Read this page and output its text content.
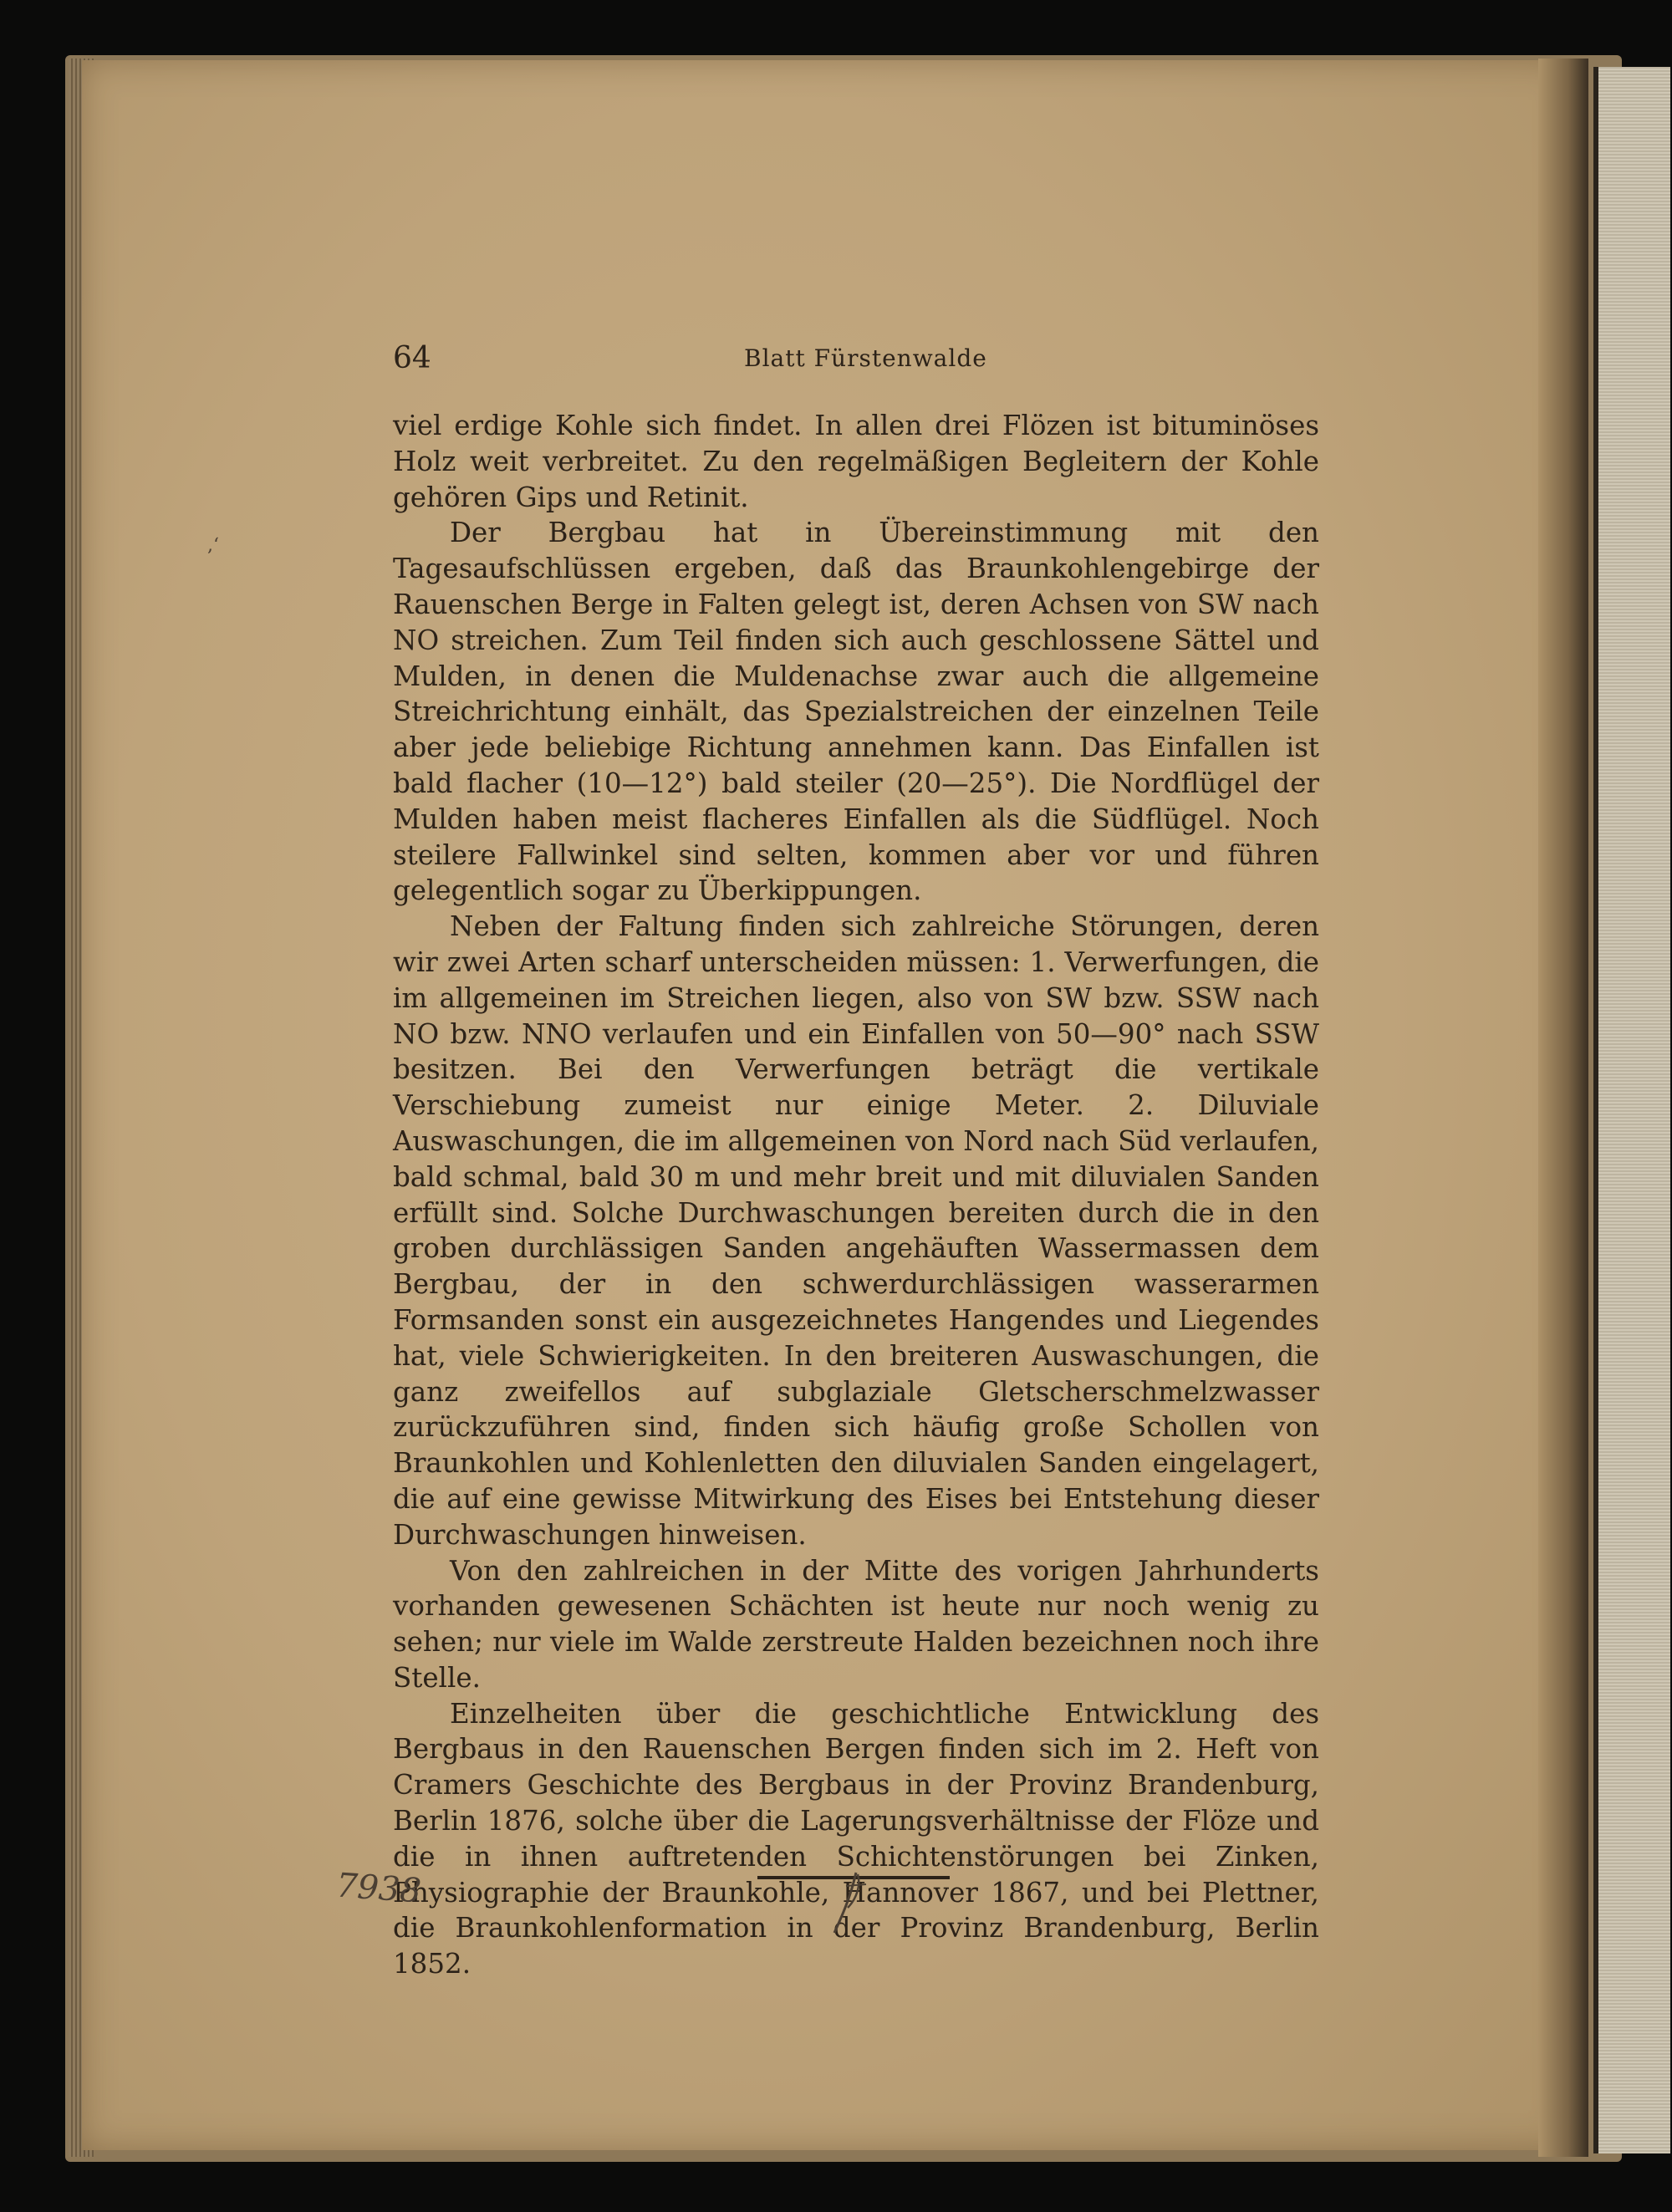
64	Blatt Fürstenwalde

viel erdige Kohle sich findet. In allen drei Flözen ist bituminöses Holz weit verbreitet. Zu den regelmäßigen Begleitern der Kohle gehören Gips und Retinit.

Der Bergbau hat in Übereinstimmung mit den Tagesaufschlüssen ergeben, daß das Braunkohlengebirge der Rauenschen Berge in Falten gelegt ist, deren Achsen von SW nach NO streichen. Zum Teil finden sich auch geschlossene Sättel und Mulden, in denen die Muldenachse zwar auch die allgemeine Streichrichtung einhält, das Spezialstreichen der einzelnen Teile aber jede beliebige Richtung annehmen kann. Das Einfallen ist bald flacher (10—12°) bald steiler (20—25°). Die Nordflügel der Mulden haben meist flacheres Einfallen als die Südflügel. Noch steilere Fallwinkel sind selten, kommen aber vor und führen gelegentlich sogar zu Überkippungen.

Neben der Faltung finden sich zahlreiche Störungen, deren wir zwei Arten scharf unterscheiden müssen: 1. Verwerfungen, die im allgemeinen im Streichen liegen, also von SW bzw. SSW nach NO bzw. NNO verlaufen und ein Einfallen von 50—90° nach SSW besitzen. Bei den Verwerfungen beträgt die vertikale Verschiebung zumeist nur einige Meter. 2. Diluviale Auswaschungen, die im allgemeinen von Nord nach Süd verlaufen, bald schmal, bald 30 m und mehr breit und mit diluvialen Sanden erfüllt sind. Solche Durchwaschungen bereiten durch die in den groben durchlässigen Sanden angehäuften Wassermassen dem Bergbau, der in den schwerdurchlässigen wasserarmen Formsanden sonst ein ausgezeichnetes Hangendes und Liegendes hat, viele Schwierigkeiten. In den breiteren Auswaschungen, die ganz zweifellos auf subglaziale Gletscherschmelzwasser zurückzuführen sind, finden sich häufig große Schollen von Braunkohlen und Kohlenletten den diluvialen Sanden eingelagert, die auf eine gewisse Mitwirkung des Eises bei Entstehung dieser Durchwaschungen hinweisen.

Von den zahlreichen in der Mitte des vorigen Jahrhunderts vorhanden gewesenen Schächten ist heute nur noch wenig zu sehen; nur viele im Walde zerstreute Halden bezeichnen noch ihre Stelle.

Einzelheiten über die geschichtliche Entwicklung des Bergbaus in den Rauenschen Bergen finden sich im 2. Heft von Cramers Geschichte des Bergbaus in der Provinz Brandenburg, Berlin 1876, solche über die Lagerungsverhältnisse der Flöze und die in ihnen auftretenden Schichtenstörungen bei Zinken, Physiographie der Braunkohle, Hannover 1867, und bei Plettner, die Braunkohlenformation in der Provinz Brandenburg, Berlin 1852.

7938
,‘
